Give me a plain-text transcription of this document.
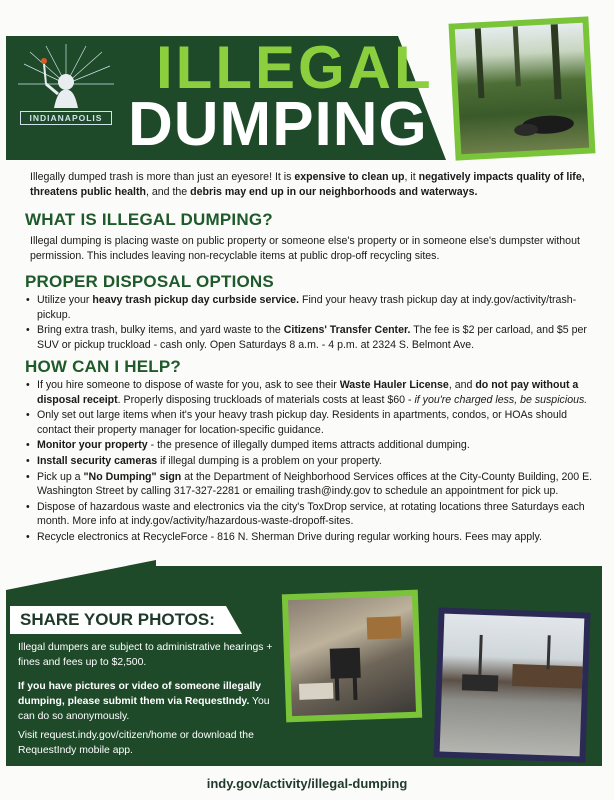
INDIANAPOLIS
ILLEGAL
DUMPING

Illegally dumped trash is more than just an eyesore! It is expensive to clean up, it negatively impacts quality of life, threatens public health, and the debris may end up in our neighborhoods and waterways.

WHAT IS ILLEGAL DUMPING?

Illegal dumping is placing waste on public property or someone else's property or in someone else's dumpster without permission. This includes leaving non-recyclable items at public drop-off recycling sites.

PROPER DISPOSAL OPTIONS
• Utilize your heavy trash pickup day curbside service. Find your heavy trash pickup day at indy.gov/activity/trash-pickup.
• Bring extra trash, bulky items, and yard waste to the Citizens' Transfer Center. The fee is $2 per carload, and $5 per SUV or pickup truckload - cash only. Open Saturdays 8 a.m. - 4 p.m. at 2324 S. Belmont Ave.
HOW CAN I HELP?
• If you hire someone to dispose of waste for you, ask to see their Waste Hauler License, and do not pay without a disposal receipt. Properly disposing truckloads of materials costs at least $60 - if you're charged less, be suspicious.
• Only set out large items when it's your heavy trash pickup day. Residents in apartments, condos, or HOAs should contact their property manager for location-specific guidance.
• Monitor your property - the presence of illegally dumped items attracts additional dumping.
• Install security cameras if illegal dumping is a problem on your property.
• Pick up a "No Dumping" sign at the Department of Neighborhood Services offices at the City-County Building, 200 E. Washington Street by calling 317-327-2281 or emailing trash@indy.gov to schedule an appointment for pick up.
• Dispose of hazardous waste and electronics via the city's ToxDrop service, at rotating locations three Saturdays each month. More info at indy.gov/activity/hazardous-waste-dropoff-sites.
• Recycle electronics at RecycleForce - 816 N. Sherman Drive during regular working hours. Fees may apply.
SHARE YOUR PHOTOS:

Illegal dumpers are subject to administrative hearings + fines and fees up to $2,500.

If you have pictures or video of someone illegally dumping, please submit them via RequestIndy. You can do so anonymously.

Visit request.indy.gov/citizen/home or download the RequestIndy mobile app.

indy.gov/activity/illegal-dumping
